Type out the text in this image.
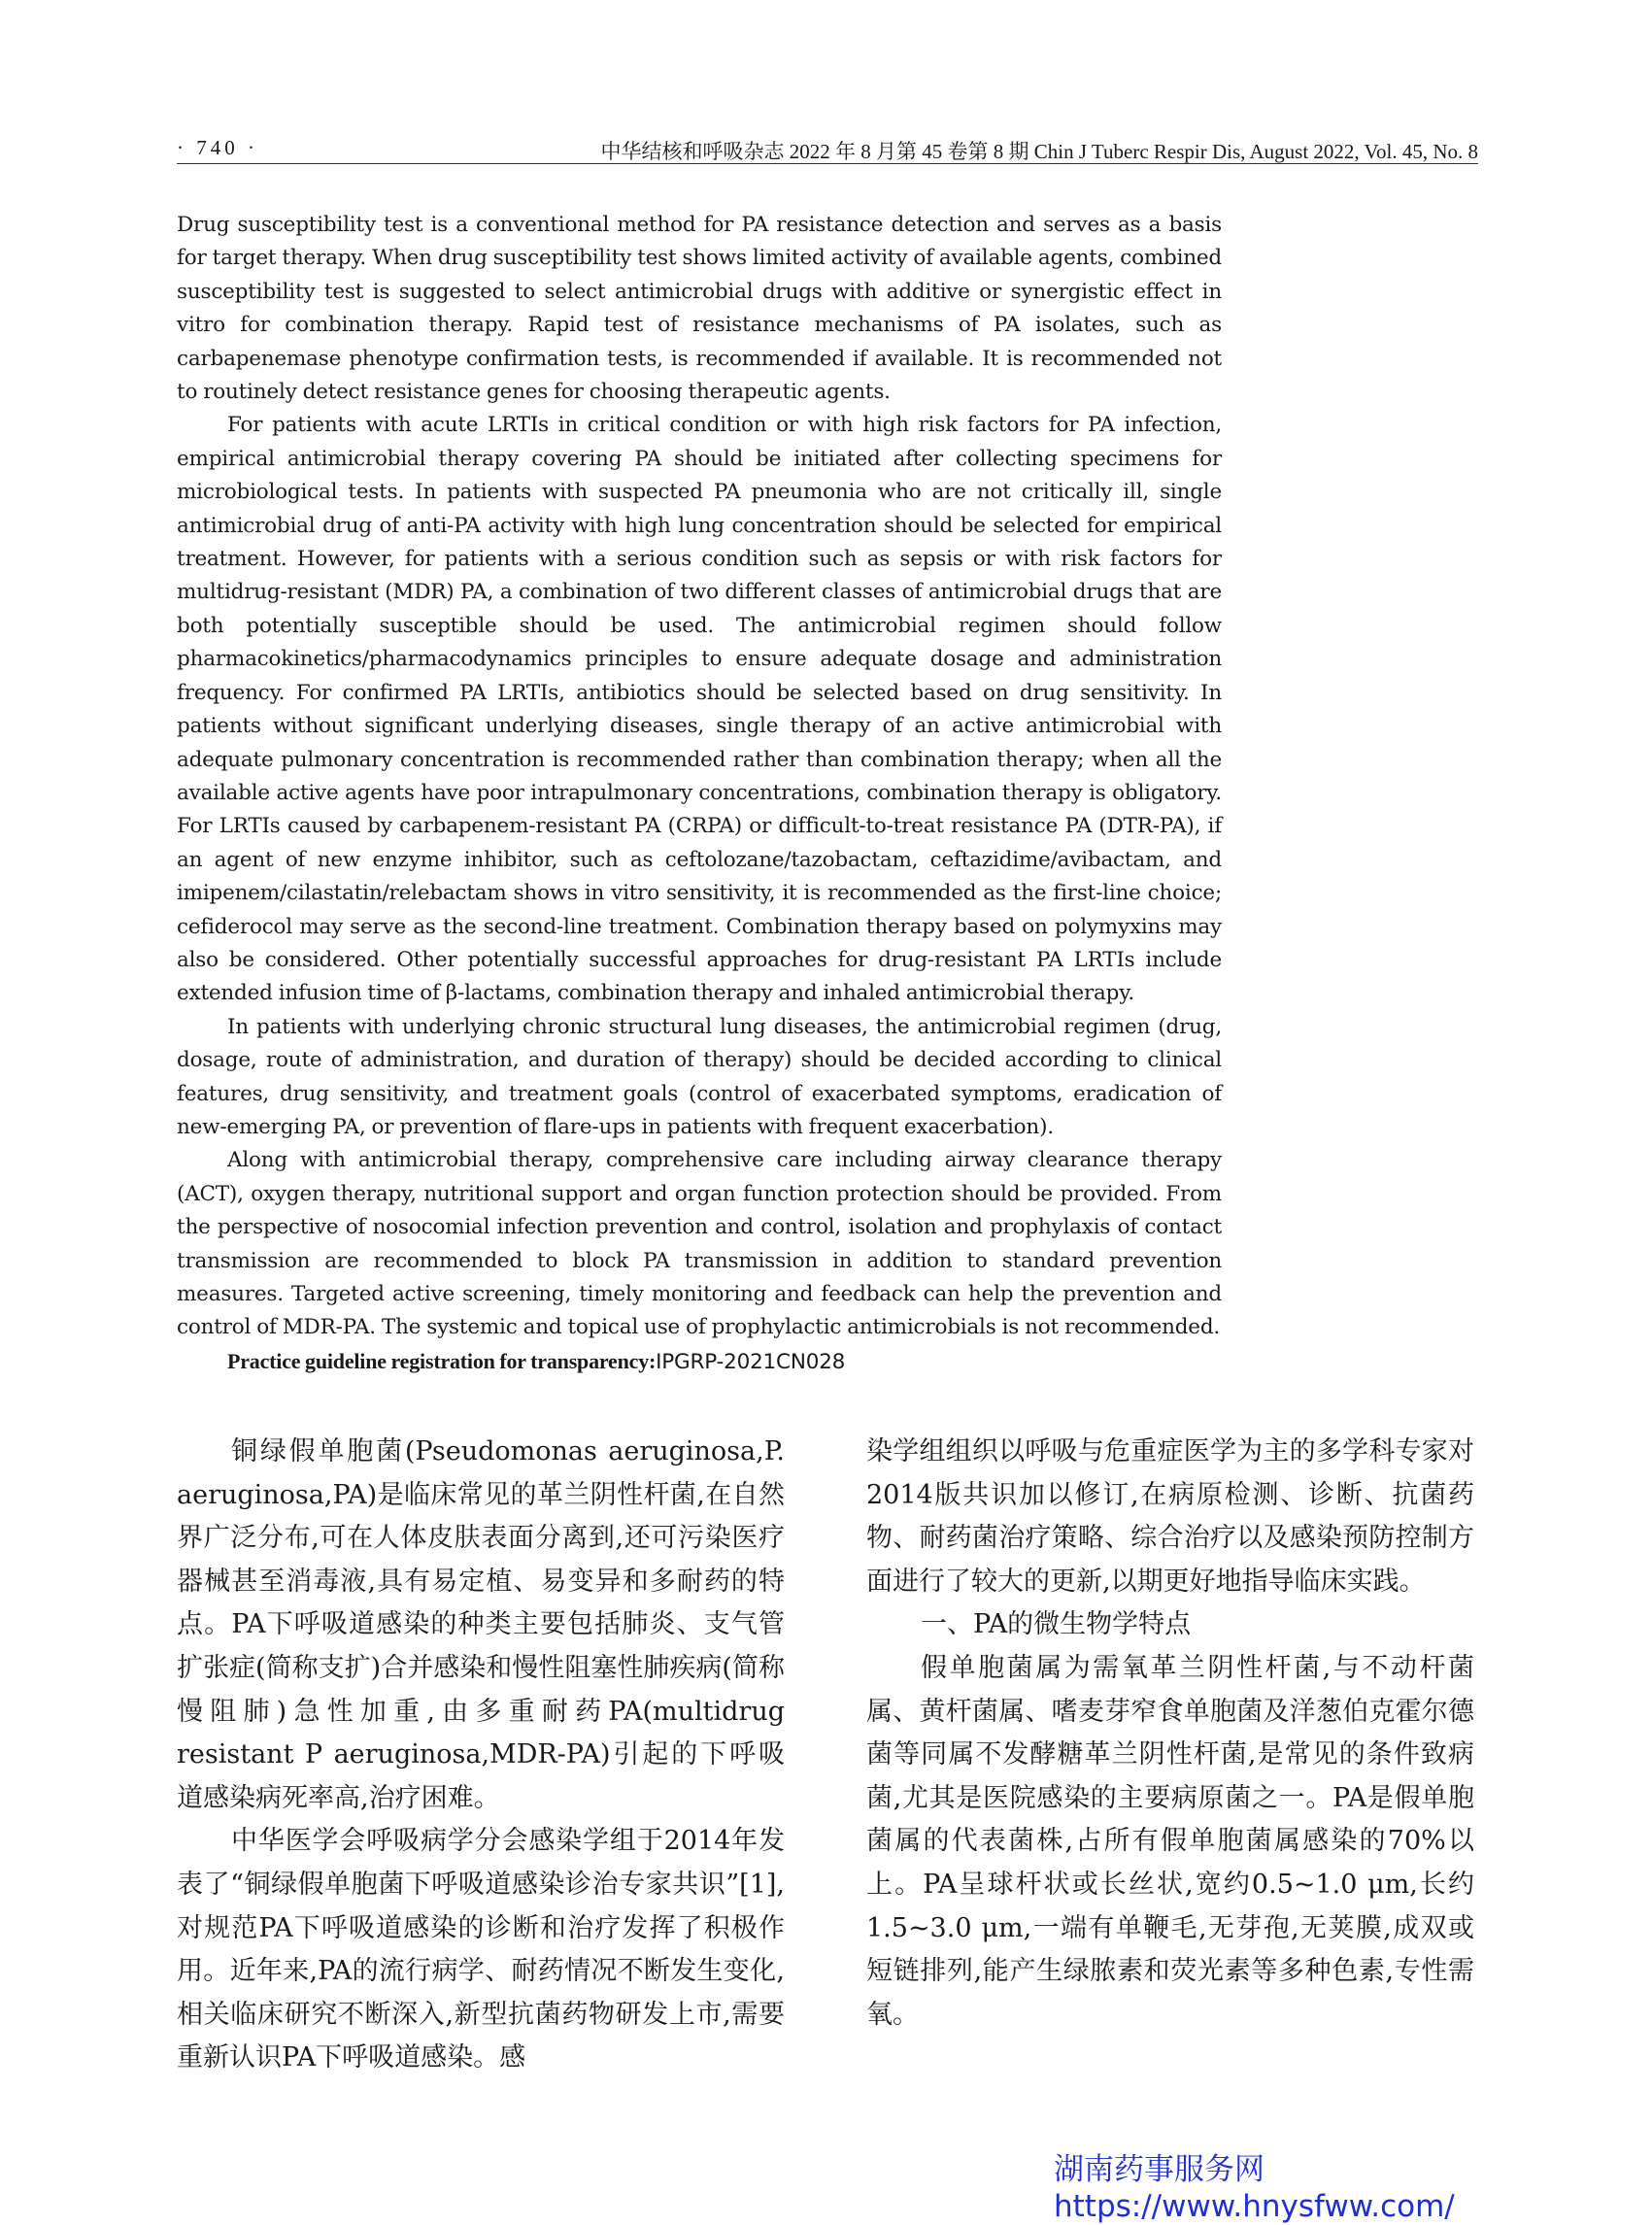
· 740 ·	中华结核和呼吸杂志 2022 年 8 月第 45 卷第 8 期 Chin J Tuberc Respir Dis, August 2022, Vol. 45, No. 8

Drug susceptibility test is a conventional method for PA resistance detection and serves as a basis for target therapy. When drug susceptibility test shows limited activity of available agents, combined susceptibility test is suggested to select antimicrobial drugs with additive or synergistic effect in vitro for combination therapy. Rapid test of resistance mechanisms of PA isolates, such as carbapenemase phenotype confirmation tests, is recommended if available. It is recommended not to routinely detect resistance genes for choosing therapeutic agents.

For patients with acute LRTIs in critical condition or with high risk factors for PA infection, empirical antimicrobial therapy covering PA should be initiated after collecting specimens for microbiological tests. In patients with suspected PA pneumonia who are not critically ill, single antimicrobial drug of anti-PA activity with high lung concentration should be selected for empirical treatment. However, for patients with a serious condition such as sepsis or with risk factors for multidrug-resistant (MDR) PA, a combination of two different classes of antimicrobial drugs that are both potentially susceptible should be used. The antimicrobial regimen should follow pharmacokinetics/pharmacodynamics principles to ensure adequate dosage and administration frequency. For confirmed PA LRTIs, antibiotics should be selected based on drug sensitivity. In patients without significant underlying diseases, single therapy of an active antimicrobial with adequate pulmonary concentration is recommended rather than combination therapy; when all the available active agents have poor intrapulmonary concentrations, combination therapy is obligatory. For LRTIs caused by carbapenem-resistant PA (CRPA) or difficult-to-treat resistance PA (DTR-PA), if an agent of new enzyme inhibitor, such as ceftolozane/tazobactam, ceftazidime/avibactam, and imipenem/cilastatin/relebactam shows in vitro sensitivity, it is recommended as the first-line choice; cefiderocol may serve as the second-line treatment. Combination therapy based on polymyxins may also be considered. Other potentially successful approaches for drug-resistant PA LRTIs include extended infusion time of β-lactams, combination therapy and inhaled antimicrobial therapy.

In patients with underlying chronic structural lung diseases, the antimicrobial regimen (drug, dosage, route of administration, and duration of therapy) should be decided according to clinical features, drug sensitivity, and treatment goals (control of exacerbated symptoms, eradication of new-emerging PA, or prevention of flare-ups in patients with frequent exacerbation).

Along with antimicrobial therapy, comprehensive care including airway clearance therapy (ACT), oxygen therapy, nutritional support and organ function protection should be provided. From the perspective of nosocomial infection prevention and control, isolation and prophylaxis of contact transmission are recommended to block PA transmission in addition to standard prevention measures. Targeted active screening, timely monitoring and feedback can help the prevention and control of MDR-PA. The systemic and topical use of prophylactic antimicrobials is not recommended.

Practice guideline registration for transparency:IPGRP-2021CN028

铜绿假单胞菌(Pseudomonas aeruginosa,P. aeruginosa,PA)是临床常见的革兰阴性杆菌,在自然界广泛分布,可在人体皮肤表面分离到,还可污染医疗器械甚至消毒液,具有易定植、易变异和多耐药的特点。PA下呼吸道感染的种类主要包括肺炎、支气管扩张症(简称支扩)合并感染和慢性阻塞性肺疾病(简称慢阻肺)急性加重,由多重耐药PA(multidrug resistant P aeruginosa,MDR-PA)引起的下呼吸道感染病死率高,治疗困难。

中华医学会呼吸病学分会感染学组于2014年发表了“铜绿假单胞菌下呼吸道感染诊治专家共识”[1],对规范PA下呼吸道感染的诊断和治疗发挥了积极作用。近年来,PA的流行病学、耐药情况不断发生变化,相关临床研究不断深入,新型抗菌药物研发上市,需要重新认识PA下呼吸道感染。感

染学组组织以呼吸与危重症医学为主的多学科专家对2014版共识加以修订,在病原检测、诊断、抗菌药物、耐药菌治疗策略、综合治疗以及感染预防控制方面进行了较大的更新,以期更好地指导临床实践。

一、PA的微生物学特点

假单胞菌属为需氧革兰阴性杆菌,与不动杆菌属、黄杆菌属、嗜麦芽窄食单胞菌及洋葱伯克霍尔德菌等同属不发酵糖革兰阴性杆菌,是常见的条件致病菌,尤其是医院感染的主要病原菌之一。PA是假单胞菌属的代表菌株,占所有假单胞菌属感染的70%以上。PA呈球杆状或长丝状,宽约0.5~1.0 μm,长约1.5~3.0 μm,一端有单鞭毛,无芽孢,无荚膜,成双或短链排列,能产生绿脓素和荧光素等多种色素,专性需氧。

湖南药事服务网
https://www.hnysfww.com/
